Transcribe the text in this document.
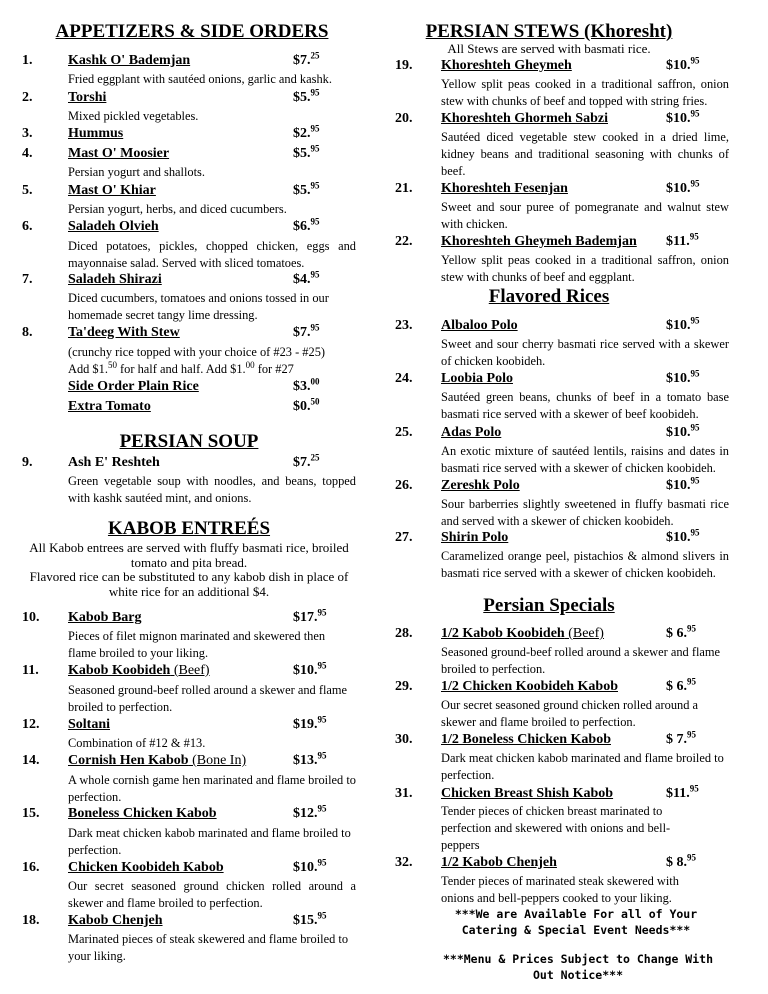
APPETIZERS & SIDE ORDERS
1.	Kashk O' Bademjan	$7.25
Fried eggplant with sautéed onions, garlic and kashk.
2.	Torshi	$5.95
Mixed pickled vegetables.
3.	Hummus	$2.95
4.	Mast O' Moosier	$5.95
Persian yogurt and shallots.
5.	Mast O' Khiar	$5.95
Persian yogurt, herbs, and diced cucumbers.
6.	Saladeh Olvieh	$6.95
Diced potatoes, pickles, chopped chicken, eggs and mayonnaise salad. Served with sliced tomatoes.
7.	Saladeh Shirazi	$4.95
Diced cucumbers, tomatoes and onions tossed in our homemade secret tangy lime dressing.
8.	Ta'deeg With Stew	$7.95
(crunchy rice topped with your choice of #23 - #25)
Add $1.50 for half and half. Add $1.00 for #27
Side Order Plain Rice	$3.00
Extra Tomato	$0.50
PERSIAN SOUP
9.	Ash E' Reshteh	$7.25
Green vegetable soup with noodles, and beans, topped with kashk sautéed mint, and onions.
KABOB ENTREÉS
All Kabob entrees are served with fluffy basmati rice, broiled
tomato and pita bread.
Flavored rice can be substituted to any kabob dish in place of
white rice for an additional $4.
10. Kabob Barg	$17.95
Pieces of filet mignon marinated and skewered then flame broiled to your liking.
11. Kabob Koobideh (Beef)	$10.95
Seasoned ground-beef rolled around a skewer and flame broiled to perfection.
12. Soltani	$19.95
Combination of #12 & #13.
14. Cornish Hen Kabob (Bone In)	$13.95
A whole cornish game hen marinated and flame broiled to perfection.
15. Boneless Chicken Kabob	$12.95
Dark meat chicken kabob marinated and flame broiled to perfection.
16. Chicken Koobideh Kabob	$10.95
Our secret seasoned ground chicken rolled around a skewer and flame broiled to perfection.
18. Kabob Chenjeh	$15.95
Marinated pieces of steak skewered and flame broiled to your liking.
PERSIAN STEWS (Khoresht)
All Stews are served with basmati rice.
19. Khoreshteh Gheymeh	$10.95
Yellow split peas cooked in a traditional saffron, onion stew with chunks of beef and topped with string fries.
20. Khoreshteh Ghormeh Sabzi	$10.95
Sautéed diced vegetable stew cooked in a dried lime, kidney beans and traditional seasoning with chunks of beef.
21. Khoreshteh Fesenjan	$10.95
Sweet and sour puree of pomegranate and walnut stew with chicken.
22. Khoreshteh Gheymeh Bademjan $11.95
Yellow split peas cooked in a traditional saffron, onion stew with chunks of beef and eggplant.
Flavored Rices
23. Albaloo Polo	$10.95
Sweet and sour cherry basmati rice served with a skewer of chicken koobideh.
24. Loobia Polo	$10.95
Sautéed green beans, chunks of beef in a tomato base basmati rice served with a skewer of beef koobideh.
25. Adas Polo	$10.95
An exotic mixture of sautéed lentils, raisins and dates in basmati rice served with a skewer of chicken koobideh.
26. Zereshk Polo	$10.95
Sour barberries slightly sweetened in fluffy basmati rice and served with a skewer of chicken koobideh.
27. Shirin Polo	$10.95
Caramelized orange peel, pistachios & almond slivers in basmati rice served with a skewer of chicken koobideh.
Persian Specials
28. 1/2 Kabob Koobideh (Beef)	$ 6.95
Seasoned ground-beef rolled around a skewer and flame broiled to perfection.
29. 1/2 Chicken Koobideh Kabob	$ 6.95
Our secret seasoned ground chicken rolled around a skewer and flame broiled to perfection.
30. 1/2 Boneless Chicken Kabob	$ 7.95
Dark meat chicken kabob marinated and flame broiled to perfection.
31. Chicken Breast Shish Kabob	$11.95
Tender pieces of chicken breast marinated to perfection and skewered with onions and bell-peppers
32. 1/2 Kabob Chenjeh	$ 8.95
Tender pieces of marinated steak skewered with onions and bell-peppers cooked to your liking.
***We are Available For all of Your
Catering & Special Event Needs***
***Menu & Prices Subject to Change With
Out Notice***
